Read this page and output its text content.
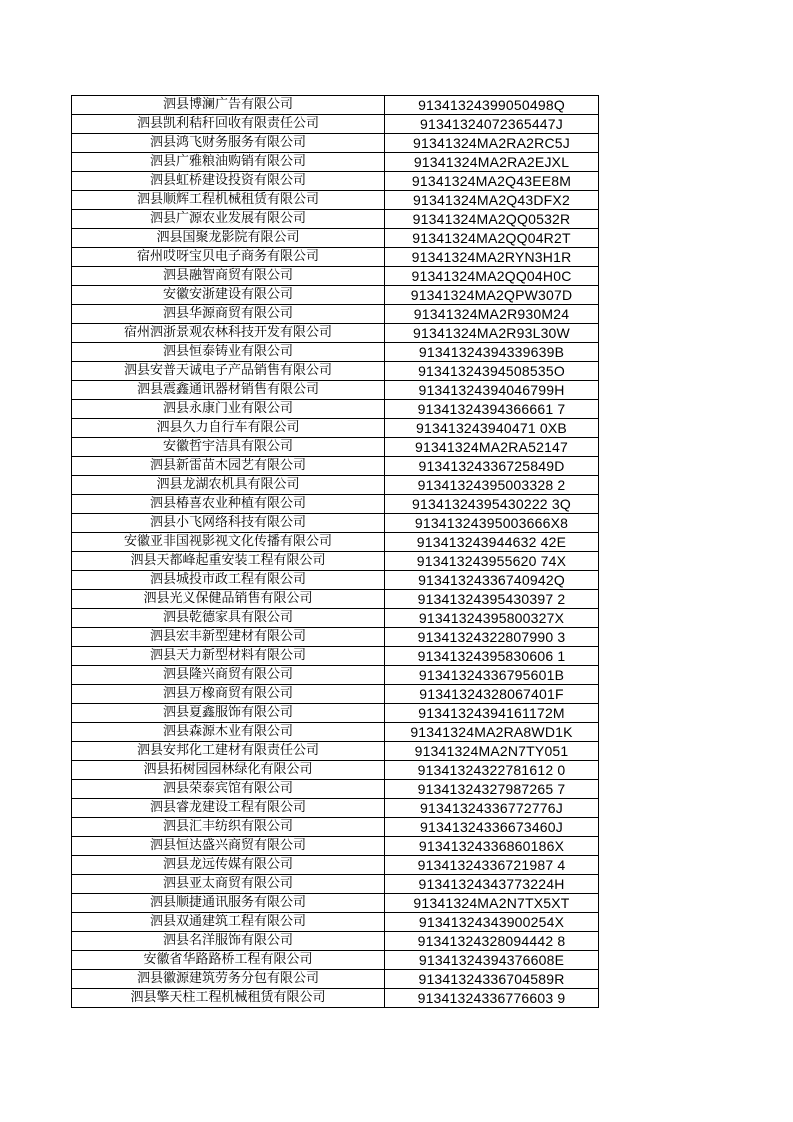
泗县博澜广告有限公司	91341324399050498Q
泗县凯利秸秆回收有限责任公司	91341324072365447J
泗县鸿飞财务服务有限公司	91341324MA2RA2RC5J
泗县广雅粮油购销有限公司	91341324MA2RA2EJXL
泗县虹桥建设投资有限公司	91341324MA2Q43EE8M
泗县顺辉工程机械租赁有限公司	91341324MA2Q43DFX2
泗县广源农业发展有限公司	91341324MA2QQ0532R
泗县国聚龙影院有限公司	91341324MA2QQ04R2T
宿州哎呀宝贝电子商务有限公司	91341324MA2RYN3H1R
泗县融智商贸有限公司	91341324MA2QQ04H0C
安徽安浙建设有限公司	91341324MA2QPW307D
泗县华源商贸有限公司	91341324MA2R930M24
宿州泗浙景观农林科技开发有限公司	91341324MA2R93L30W
泗县恒泰铸业有限公司	91341324394339639B
泗县安普天诚电子产品销售有限公司	91341324394508535O
泗县震鑫通讯器材销售有限公司	91341324394046799H
泗县永康门业有限公司	91341324394366661 7
泗县久力自行车有限公司	913413243940471 0XB
安徽哲宇洁具有限公司	91341324MA2RA52147
泗县新雷苗木园艺有限公司	91341324336725849D
泗县龙湖农机具有限公司	91341324395003328 2
泗县椿喜农业种植有限公司	91341324395430222 3Q
泗县小飞网络科技有限公司	91341324395003666X8
安徽亚非国视影视文化传播有限公司	913413243944632 42E
泗县天都峰起重安装工程有限公司	913413243955620 74X
泗县城投市政工程有限公司	91341324336740942Q
泗县光义保健品销售有限公司	91341324395430397 2
泗县乾德家具有限公司	91341324395800327X
泗县宏丰新型建材有限公司	91341324322807990 3
泗县天力新型材料有限公司	91341324395830606 1
泗县隆兴商贸有限公司	91341324336795601B
泗县万橡商贸有限公司	91341324328067401F
泗县夏鑫服饰有限公司	91341324394161172M
泗县森源木业有限公司	91341324MA2RA8WD1K
泗县安邦化工建材有限责任公司	91341324MA2N7TY051
泗县拓树园园林绿化有限公司	91341324322781612 0
泗县荣泰宾馆有限公司	91341324327987265 7
泗县睿龙建设工程有限公司	91341324336772776J
泗县汇丰纺织有限公司	91341324336673460J
泗县恒达盛兴商贸有限公司	91341324336860186X
泗县龙远传媒有限公司	91341324336721987 4
泗县亚太商贸有限公司	91341324343773224H
泗县顺捷通讯服务有限公司	91341324MA2N7TX5XT
泗县双通建筑工程有限公司	91341324343900254X
泗县名洋服饰有限公司	91341324328094442 8
安徽省华路路桥工程有限公司	91341324394376608E
泗县徽源建筑劳务分包有限公司	91341324336704589R
泗县擎天柱工程机械租赁有限公司	91341324336776603 9
